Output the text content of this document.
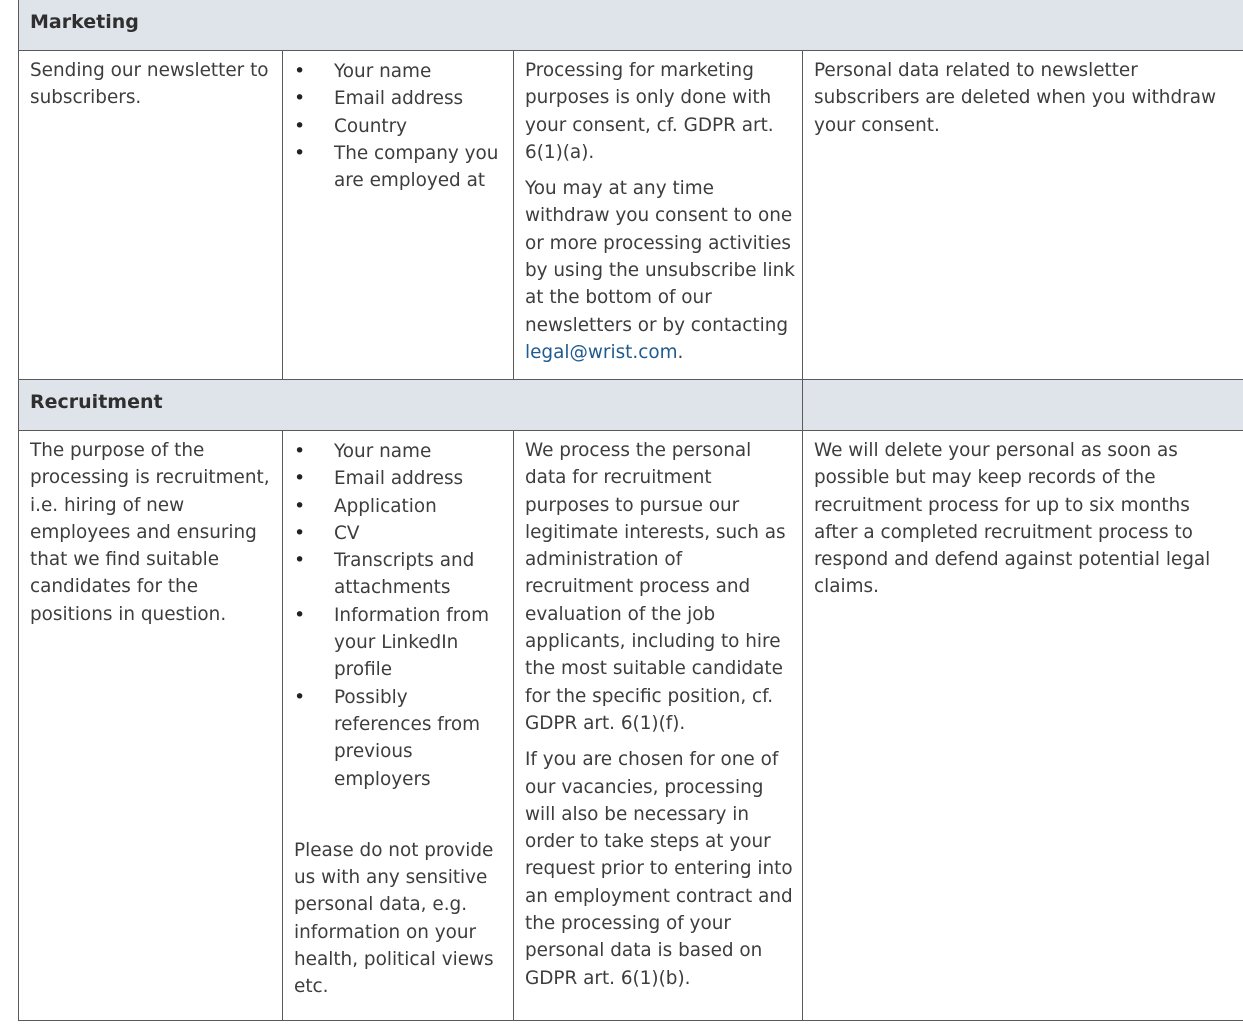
Marketing
Sending our newsletter to subscribers.
• Your name
• Email address
• Country
• The company you are employed at

Processing for marketing purposes is only done with your consent, cf. GDPR art. 6(1)(a).

You may at any time withdraw you consent to one or more processing activities by using the unsubscribe link at the bottom of our newsletters or by contacting legal@wrist.com.

Personal data related to newsletter subscribers are deleted when you withdraw your consent.
Recruitment
The purpose of the processing is recruitment, i.e. hiring of new employees and ensuring that we find suitable candidates for the positions in question.
• Your name
• Email address
• Application
• CV
• Transcripts and attachments
• Information from your LinkedIn profile
• Possibly references from previous employers
Please do not provide us with any sensitive personal data, e.g. information on your health, political views etc.

We process the personal data for recruitment purposes to pursue our legitimate interests, such as administration of recruitment process and evaluation of the job applicants, including to hire the most suitable candidate for the specific position, cf. GDPR art. 6(1)(f).

If you are chosen for one of our vacancies, processing will also be necessary in order to take steps at your request prior to entering into an employment contract and the processing of your personal data is based on GDPR art. 6(1)(b).

We will delete your personal as soon as possible but may keep records of the recruitment process for up to six months after a completed recruitment process to respond and defend against potential legal claims.
